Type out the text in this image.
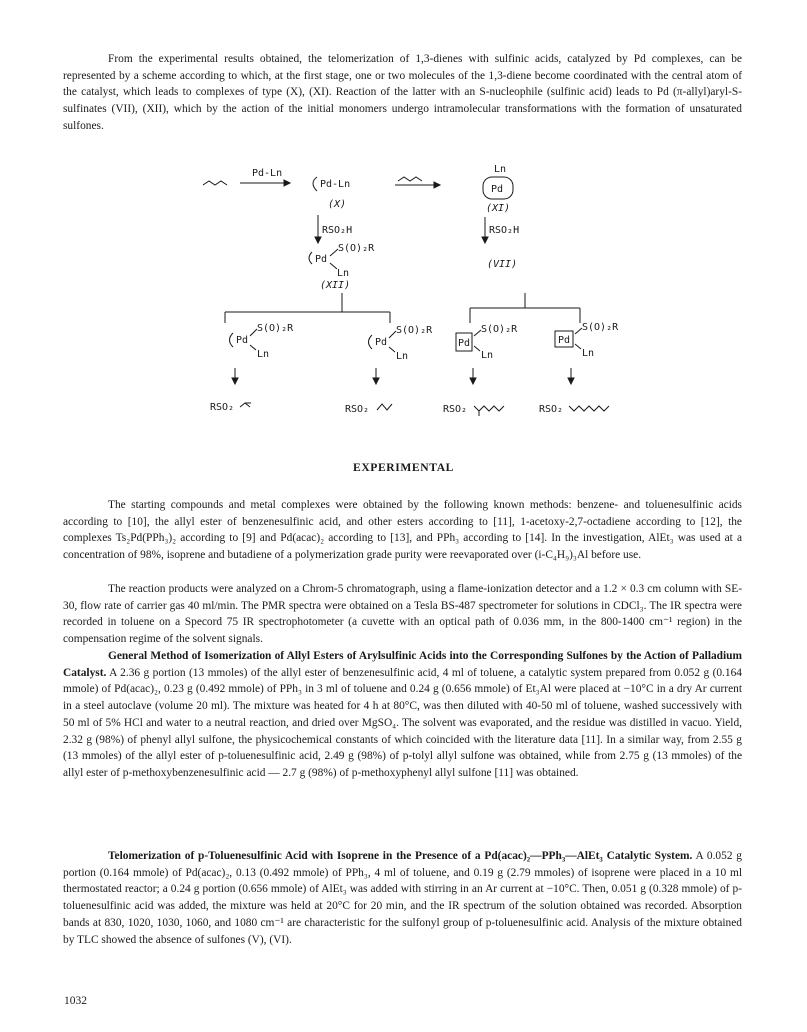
From the experimental results obtained, the telomerization of 1,3-dienes with sulfinic acids, catalyzed by Pd complexes, can be represented by a scheme according to which, at the first stage, one or two molecules of the 1,3-diene become coordinated with the central atom of the catalyst, which leads to complexes of type (X), (XI). Reaction of the latter with an S-nucleophile (sulfinic acid) leads to Pd (π-allyl)aryl-S-sulfinates (VII), (XII), which by the action of the initial monomers undergo intramolecular transformations with the formation of unsaturated sulfones.

Pd-Ln
Pd-Ln
(X)
Ln
Pd
(XI)
RSO₂H	RSO₂H
Pd
S(O)₂R
Ln
(XII)
(VII)
Pd
S(O)₂R
Ln
Pd
S(O)₂R
Ln
Pd
S(O)₂R
Ln
Pd
S(O)₂R
Ln
RSO₂	RSO₂	RSO₂	RSO₂
EXPERIMENTAL

The starting compounds and metal complexes were obtained by the following known methods: benzene- and toluenesulfinic acids according to [10], the allyl ester of benzenesulfinic acid, and other esters according to [11], 1-acetoxy-2,7-octadiene according to [12], the complexes Ts₂Pd(PPh₃)₂ according to [9] and Pd(acac)₂ according to [13], and PPh₃ according to [14]. In the investigation, AlEt₃ was used at a concentration of 98%, isoprene and butadiene of a polymerization grade purity were reevaporated over (i-C₄H₉)₃Al before use.

The reaction products were analyzed on a Chrom-5 chromatograph, using a flame-ionization detector and a 1.2 × 0.3 cm column with SE-30, flow rate of carrier gas 40 ml/min. The PMR spectra were obtained on a Tesla BS-487 spectrometer for solutions in CDCl₃. The IR spectra were recorded in toluene on a Specord 75 IR spectrophotometer (a cuvette with an optical path of 0.036 mm, in the 800-1400 cm⁻¹ region) in the compensation regime of the solvent signals.

General Method of Isomerization of Allyl Esters of Arylsulfinic Acids into the Corresponding Sulfones by the Action of Palladium Catalyst. A 2.36 g portion (13 mmoles) of the allyl ester of benzenesulfinic acid, 4 ml of toluene, a catalytic system prepared from 0.052 g (0.164 mmole) of Pd(acac)₂, 0.23 g (0.492 mmole) of PPh₃ in 3 ml of toluene and 0.24 g (0.656 mmole) of Et₃Al were placed at −10°C in a dry Ar current in a steel autoclave (volume 20 ml). The mixture was heated for 4 h at 80°C, was then diluted with 40-50 ml of toluene, washed successively with 50 ml of 5% HCl and water to a neutral reaction, and dried over MgSO₄. The solvent was evaporated, and the residue was distilled in vacuo. Yield, 2.32 g (98%) of phenyl allyl sulfone, the physicochemical constants of which coincided with the literature data [11]. In a similar way, from 2.55 g (13 mmoles) of the allyl ester of p-toluenesulfinic acid, 2.49 g (98%) of p-tolyl allyl sulfone was obtained, while from 2.75 g (13 mmoles) of the allyl ester of p-methoxybenzenesulfinic acid — 2.7 g (98%) of p-methoxyphenyl allyl sulfone [11] was obtained.

Telomerization of p-Toluenesulfinic Acid with Isoprene in the Presence of a Pd(acac)₂—PPh₃—AlEt₃ Catalytic System. A 0.052 g portion (0.164 mmole) of Pd(acac)₂, 0.13 (0.492 mmole) of PPh₃, 4 ml of toluene, and 0.19 g (2.79 mmoles) of isoprene were placed in a 10 ml thermostated reactor; a 0.24 g portion (0.656 mmole) of AlEt₃ was added with stirring in an Ar current at −10°C. Then, 0.051 g (0.328 mmole) of p-toluenesulfinic acid was added, the mixture was held at 20°C for 20 min, and the IR spectrum of the solution obtained was recorded. Absorption bands at 830, 1020, 1030, 1060, and 1080 cm⁻¹ are characteristic for the sulfonyl group of p-toluenesulfinic acid. Analysis of the mixture obtained by TLC showed the absence of sulfones (V), (VI).

1032
